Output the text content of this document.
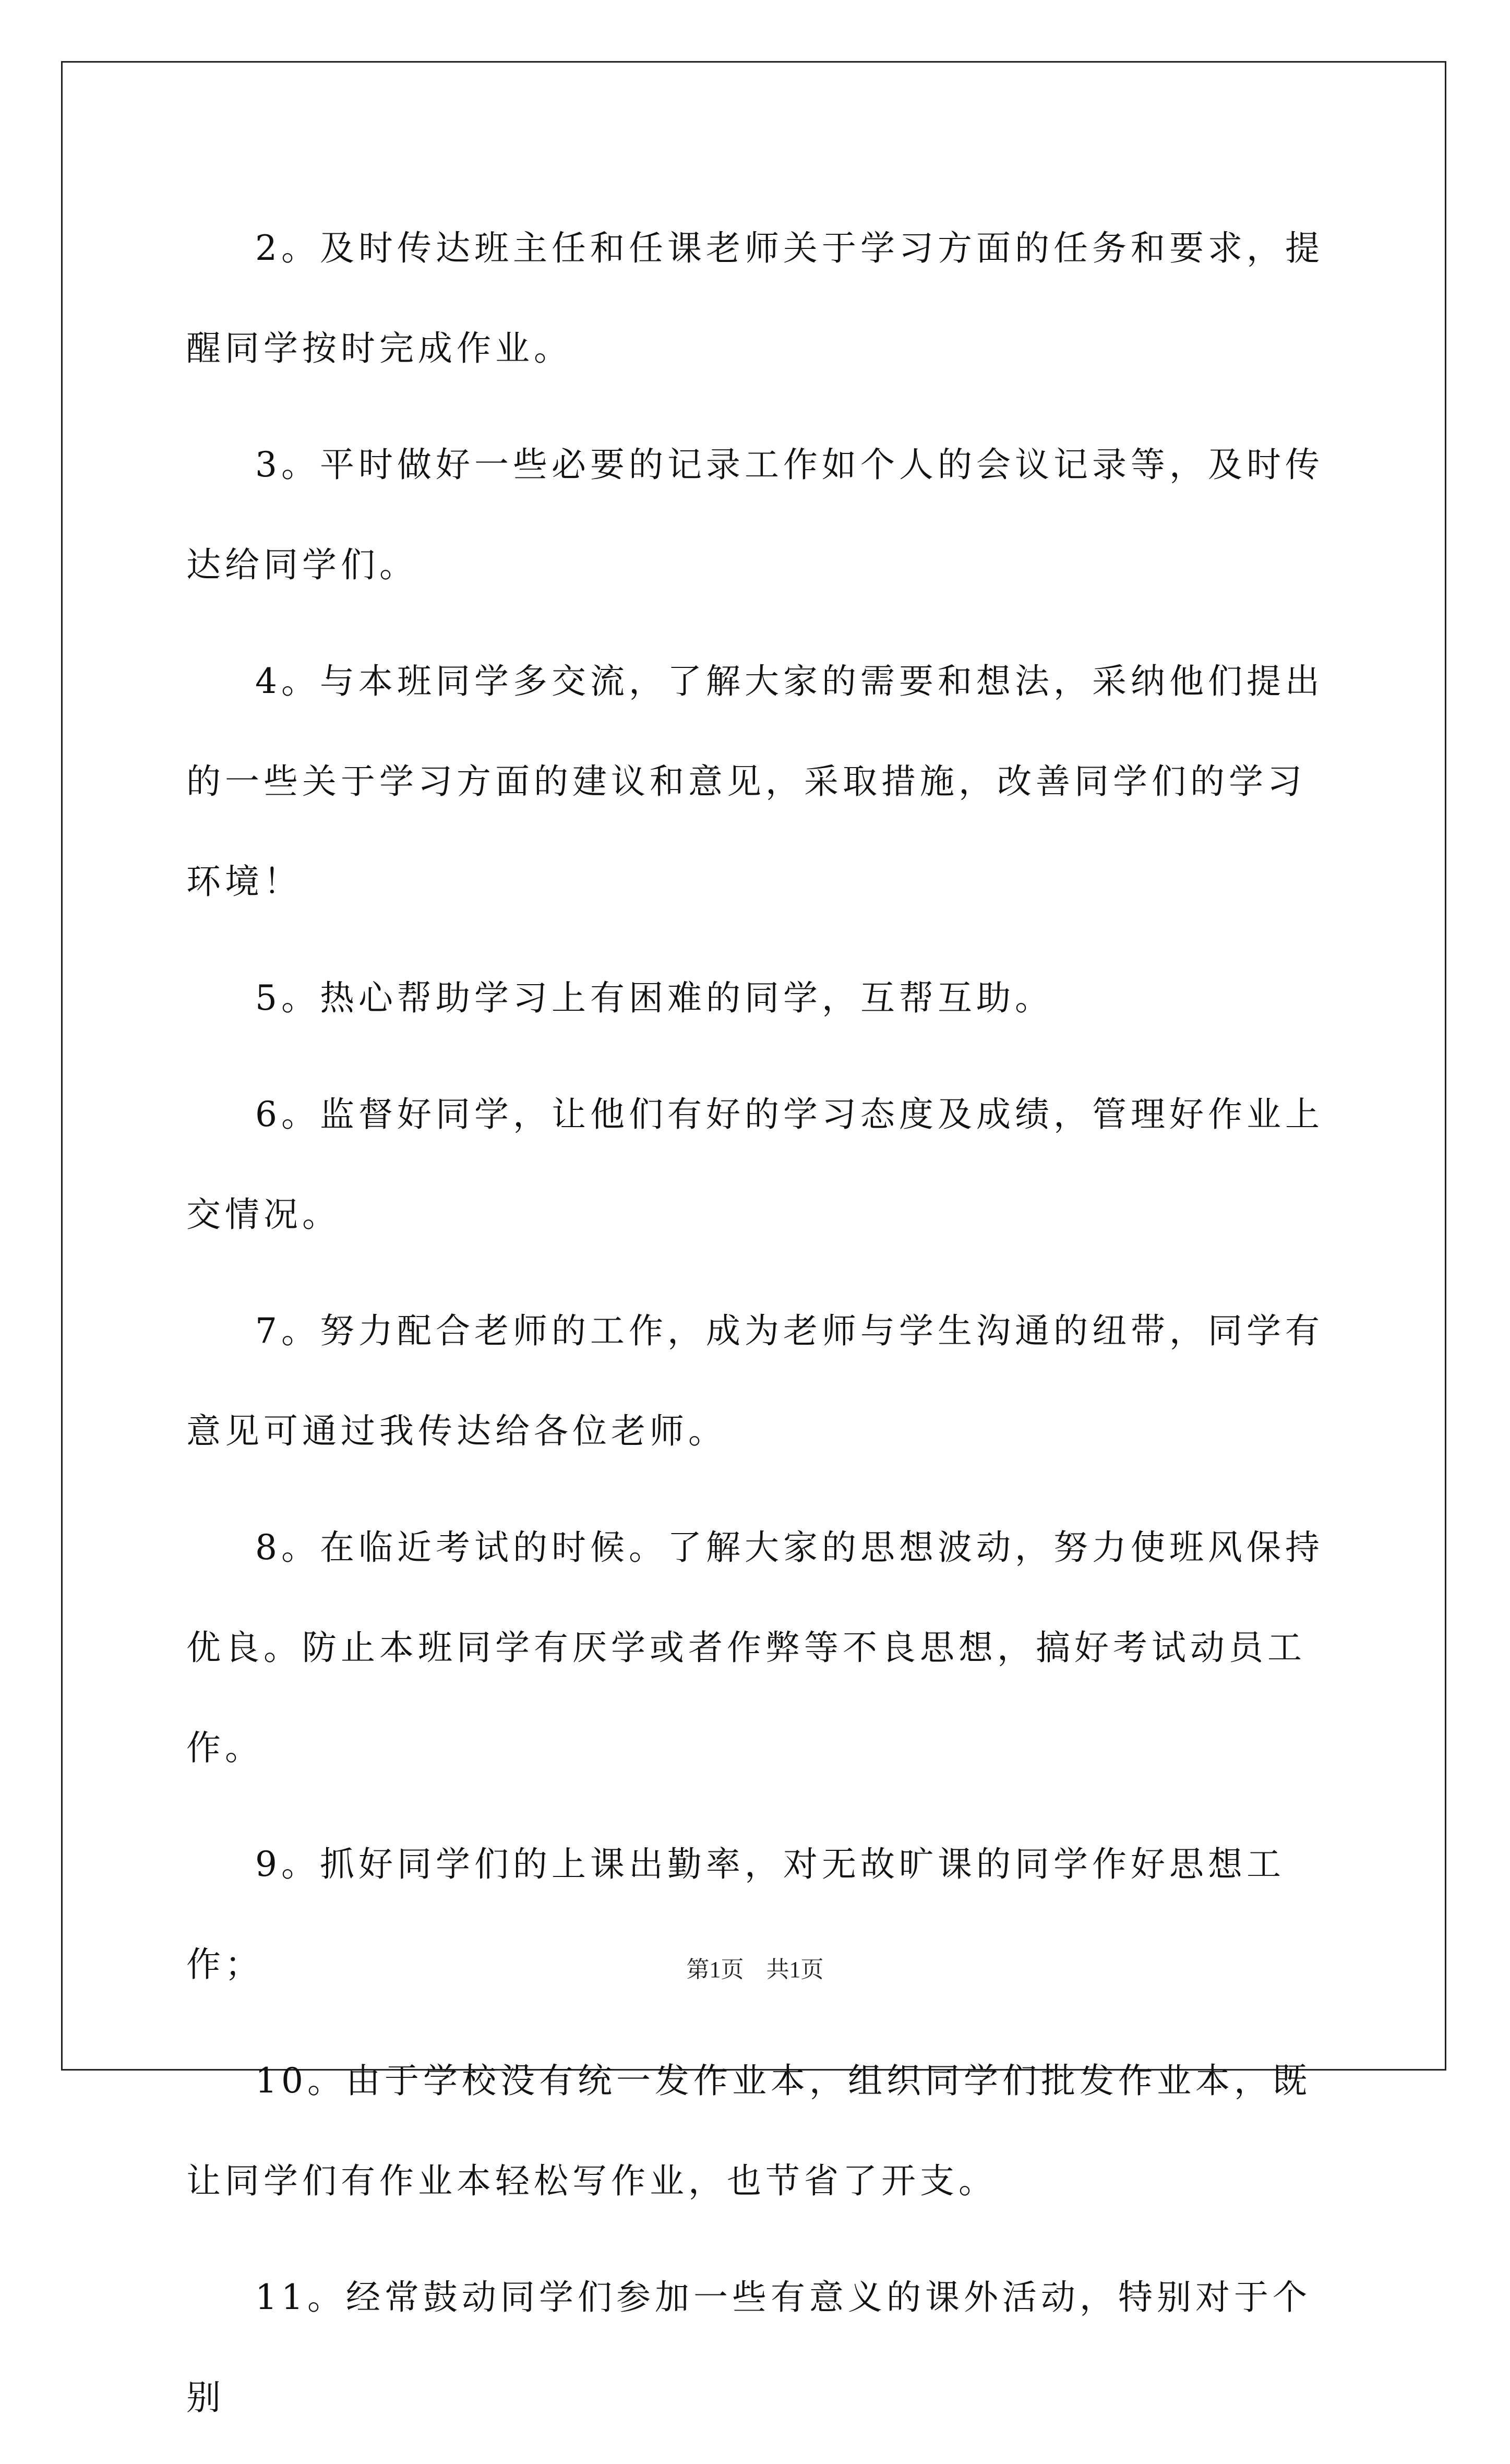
2。及时传达班主任和任课老师关于学习方面的任务和要求，提醒同学按时完成作业。

3。平时做好一些必要的记录工作如个人的会议记录等，及时传达给同学们。

4。与本班同学多交流，了解大家的需要和想法，采纳他们提出的一些关于学习方面的建议和意见，采取措施，改善同学们的学习环境！

5。热心帮助学习上有困难的同学，互帮互助。

6。监督好同学，让他们有好的学习态度及成绩，管理好作业上交情况。

7。努力配合老师的工作，成为老师与学生沟通的纽带，同学有意见可通过我传达给各位老师。

8。在临近考试的时候。了解大家的思想波动，努力使班风保持优良。防止本班同学有厌学或者作弊等不良思想，搞好考试动员工作。

9。抓好同学们的上课出勤率，对无故旷课的同学作好思想工作；

10。由于学校没有统一发作业本，组织同学们批发作业本，既让同学们有作业本轻松写作业，也节省了开支。

11。经常鼓动同学们参加一些有意义的课外活动，特别对于个别

第1页 共1页
